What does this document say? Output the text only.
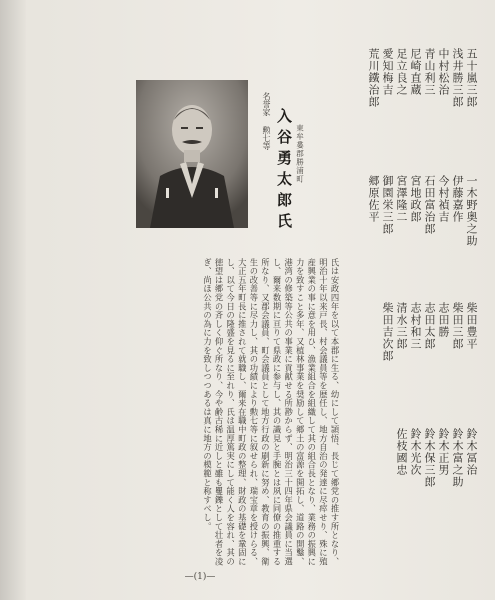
名誉家
勲七等 入谷勇太郎氏 東牟婁郡勝浦町
氏は安政四年を以て本郡に生る、幼にして頴悟、長じて郷党の推す所となり、明治十年以来戸長、村会議員等を歴任し、地方自治の発達に尽瘁せり、殊に殖産興業の事に意を用ひ、漁業組合を組織して其の組合長となり、業務の振興に力を致すこと多年、又植林事業を奨励して郷土の富源を開拓し、道路の開鑿、港湾の修築等公共の事業に貢献せる所尠からず、明治三十四年県会議員に当選し、爾来数期に亘りて県政に参与し、其の識見と手腕とは夙に同僚の推重する所なり、又郡会議員、町会議員として地方行政の刷新に努め、教育の振興、衛生の改善等に尽力し、其の功績により勲七等に叙せられ、瑞宝章を授けらる、大正五年町長に推されて就職し、爾来在職中町政の整理、財政の基礎を鞏固にし、以て今日の隆盛を見るに至れり、氏は温厚篤実にして能く人を容れ、其の徳望は郷党の斉しく仰ぐ所なり、今や齢古稀に近しと雖も矍鑠として壮者を凌ぎ、尚ほ公共の為に力を致しつつあるは真に地方の模範と称すべし。
五十嵐三郎
浅井勝三郎
中村松治
青山利三
尼崎直蔵
足立良之
愛知梅吉
荒川鐵治郎
一木野奥之助
伊藤嘉作
今村禎吉
石田富治郎
宮地政郎
宮澤隆二
御園栄三郎
郷原佐平
柴田豊平
柴田三郎
志田勝
志田太郎
志村和三
清水三郎
柴田吉次郎
鈴木冨治
鈴木富之助
鈴木正男
鈴木保三郎
鈴木光次
佐枝國忠
—(1)—
